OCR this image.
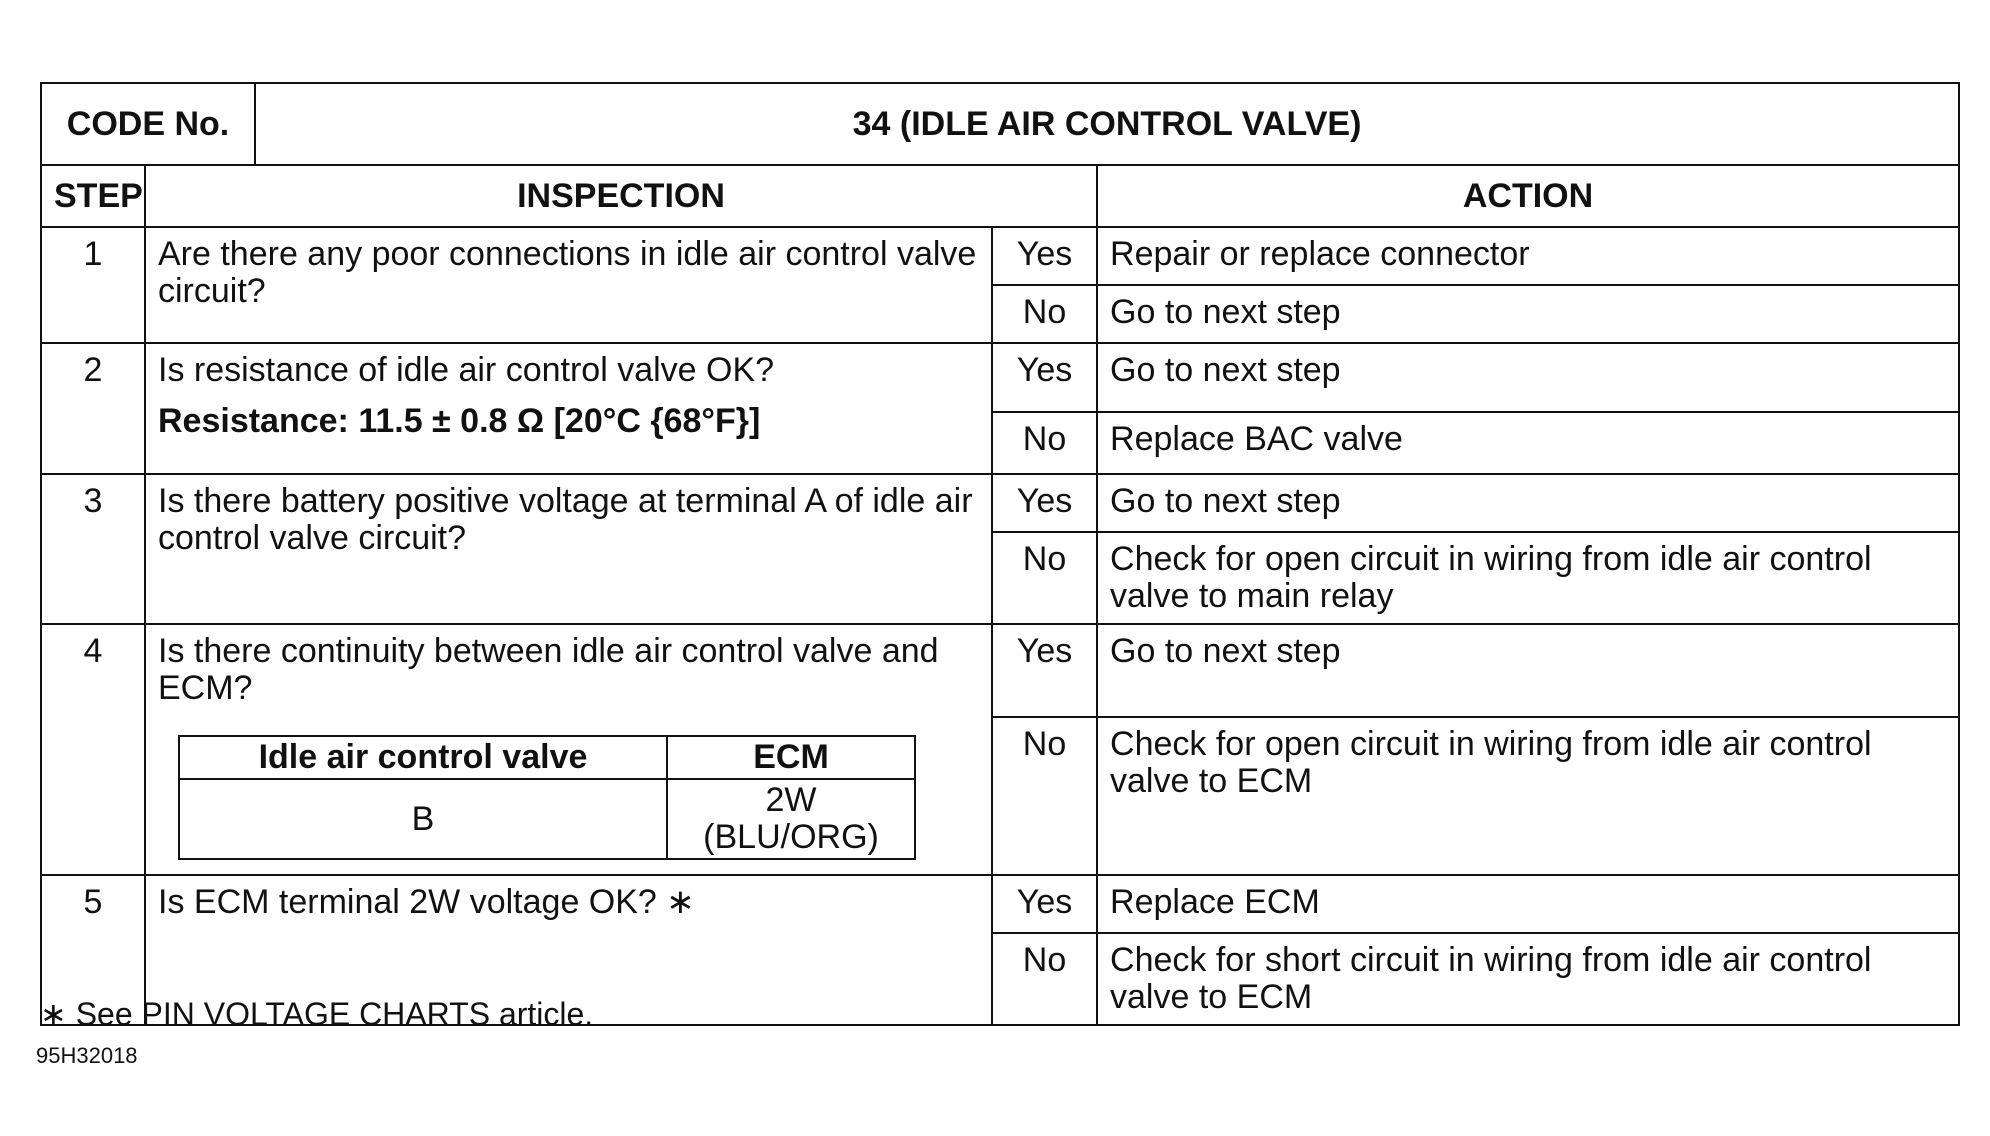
CODE No.	34 (IDLE AIR CONTROL VALVE)
STEP	INSPECTION	ACTION
1	Are there any poor connections in idle air control valve circuit?	Yes	Repair or replace connector
No	Go to next step
2	Is resistance of idle air control valve OK?
Resistance: 11.5 ± 0.8 Ω [20°C {68°F}]
	Yes	Go to next step
No	Replace BAC valve
3	Is there battery positive voltage at terminal A of idle air control valve circuit?	Yes	Go to next step
No	Check for open circuit in wiring from idle air control valve to main relay
4	Is there continuity between idle air control valve and ECM?
Idle air control valve	ECM
B	2W (BLU/ORG)
	Yes	Go to next step
No	Check for open circuit in wiring from idle air control valve to ECM
5	Is ECM terminal 2W voltage OK? ∗	Yes	Replace ECM
No	Check for short circuit in wiring from idle air control valve to ECM
∗ See PIN VOLTAGE CHARTS article.
95H32018
